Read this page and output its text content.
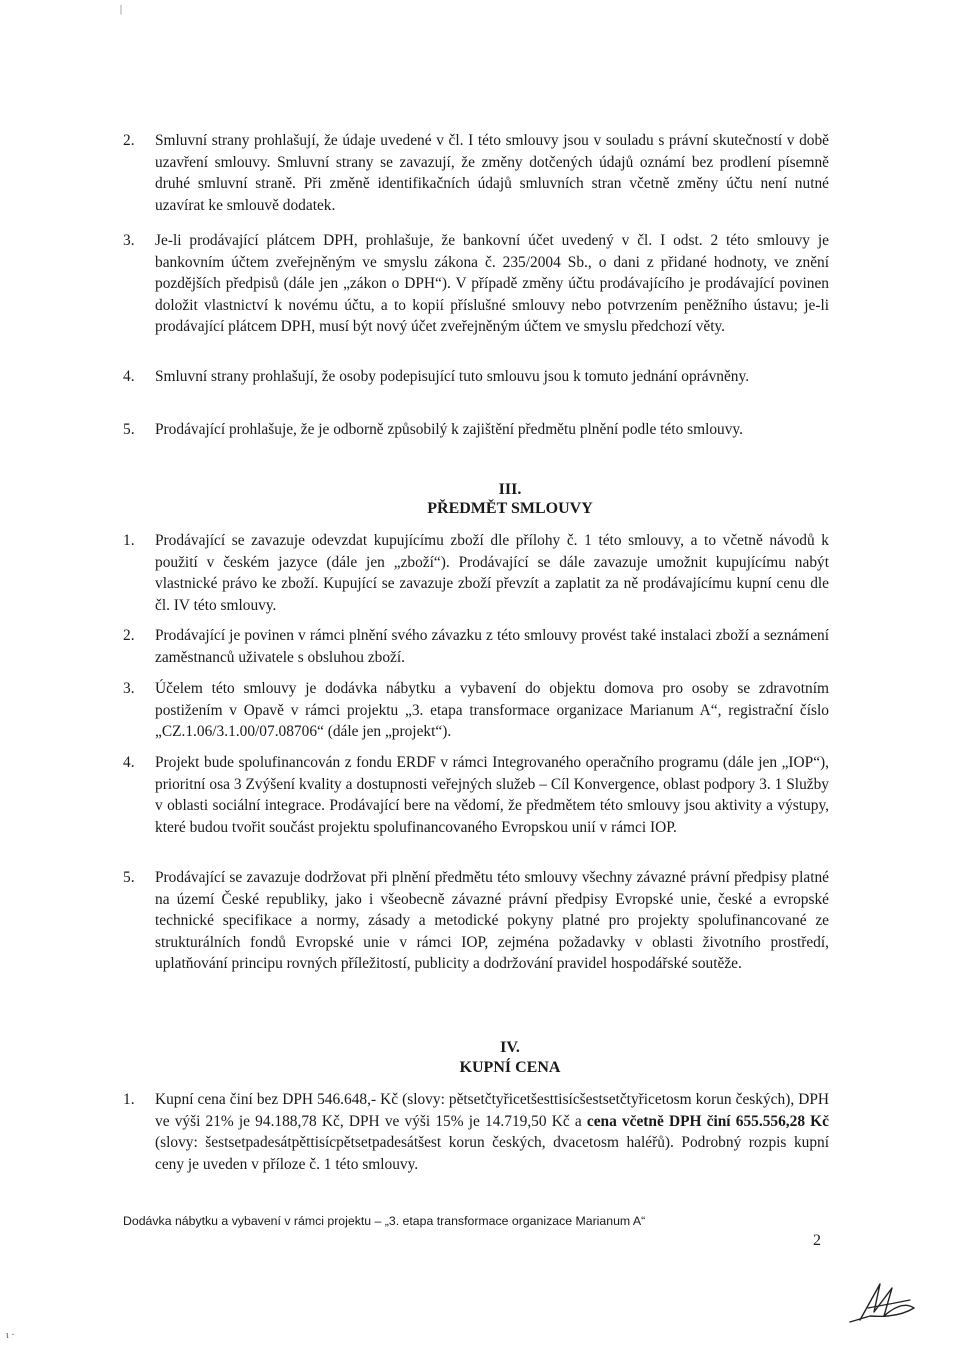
|
2. Smluvní strany prohlašují, že údaje uvedené v čl. I této smlouvy jsou v souladu s právní skutečností v době uzavření smlouvy. Smluvní strany se zavazují, že změny dotčených údajů oznámí bez prodlení písemně druhé smluvní straně. Při změně identifikačních údajů smluvních stran včetně změny účtu není nutné uzavírat ke smlouvě dodatek.
3. Je-li prodávající plátcem DPH, prohlašuje, že bankovní účet uvedený v čl. I odst. 2 této smlouvy je bankovním účtem zveřejněným ve smyslu zákona č. 235/2004 Sb., o dani z přidané hodnoty, ve znění pozdějších předpisů (dále jen „zákon o DPH“). V případě změny účtu prodávajícího je prodávající povinen doložit vlastnictví k novému účtu, a to kopií příslušné smlouvy nebo potvrzením peněžního ústavu; je-li prodávající plátcem DPH, musí být nový účet zveřejněným účtem ve smyslu předchozí věty.
4. Smluvní strany prohlašují, že osoby podepisující tuto smlouvu jsou k tomuto jednání oprávněny.
5. Prodávající prohlašuje, že je odborně způsobilý k zajištění předmětu plnění podle této smlouvy.
III.
PŘEDMĚT SMLOUVY
1. Prodávající se zavazuje odevzdat kupujícímu zboží dle přílohy č. 1 této smlouvy, a to včetně návodů k použití v českém jazyce (dále jen „zboží“). Prodávající se dále zavazuje umožnit kupujícímu nabýt vlastnické právo ke zboží. Kupující se zavazuje zboží převzít a zaplatit za ně prodávajícímu kupní cenu dle čl. IV této smlouvy.
2. Prodávající je povinen v rámci plnění svého závazku z této smlouvy provést také instalaci zboží a seznámení zaměstnanců uživatele s obsluhou zboží.
3. Účelem této smlouvy je dodávka nábytku a vybavení do objektu domova pro osoby se zdravotním postižením v Opavě v rámci projektu „3. etapa transformace organizace Marianum A“, registrační číslo „CZ.1.06/3.1.00/07.08706“ (dále jen „projekt“).
4. Projekt bude spolufinancován z fondu ERDF v rámci Integrovaného operačního programu (dále jen „IOP“), prioritní osa 3 Zvýšení kvality a dostupnosti veřejných služeb – Cíl Konvergence, oblast podpory 3. 1 Služby v oblasti sociální integrace. Prodávající bere na vědomí, že předmětem této smlouvy jsou aktivity a výstupy, které budou tvořit součást projektu spolufinancovaného Evropskou unií v rámci IOP.
5. Prodávající se zavazuje dodržovat při plnění předmětu této smlouvy všechny závazné právní předpisy platné na území České republiky, jako i všeobecně závazné právní předpisy Evropské unie, české a evropské technické specifikace a normy, zásady a metodické pokyny platné pro projekty spolufinancované ze strukturálních fondů Evropské unie v rámci IOP, zejména požadavky v oblasti životního prostředí, uplatňování principu rovných příležitostí, publicity a dodržování pravidel hospodářské soutěže.
IV.
KUPNÍ CENA
1. Kupní cena činí bez DPH 546.648,- Kč (slovy: pětsetčtyřicetšesttisícšestsetčtyřicetosm korun českých), DPH ve výši 21% je 94.188,78 Kč, DPH ve výši 15% je 14.719,50 Kč a cena včetně DPH činí 655.556,28 Kč (slovy: šestsetpadesátpěttisícpětsetpadesátšest korun českých, dvacetosm haléřů). Podrobný rozpis kupní ceny je uveden v příloze č. 1 této smlouvy.
Dodávka nábytku a vybavení v rámci projektu – „3. etapa transformace organizace Marianum A“
2
ι ·
